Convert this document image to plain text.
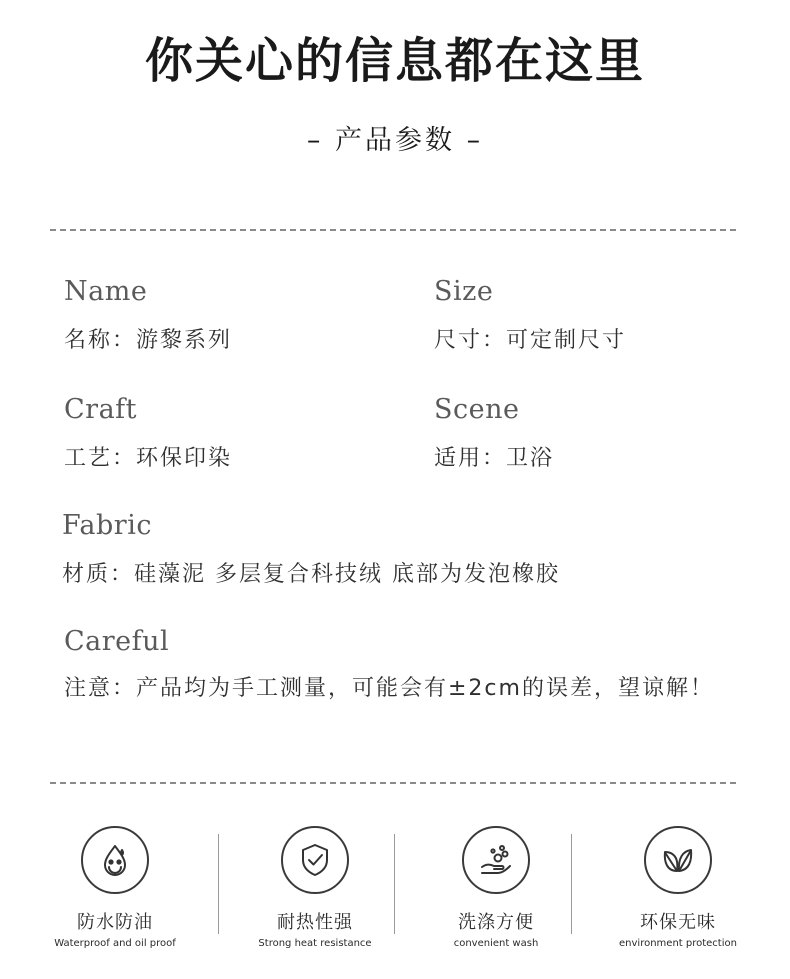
你关心的信息都在这里
– 产品参数 –
Name
名称：游黎系列
Size
尺寸：可定制尺寸
Craft
工艺：环保印染
Scene
适用：卫浴
Fabric
材质：硅藻泥 多层复合科技绒 底部为发泡橡胶
Careful
注意：产品均为手工测量，可能会有±2cm的误差，望谅解！
防水防油
Waterproof and oil proof
耐热性强
Strong heat resistance
洗涤方便
convenient wash
环保无味
environment protection
